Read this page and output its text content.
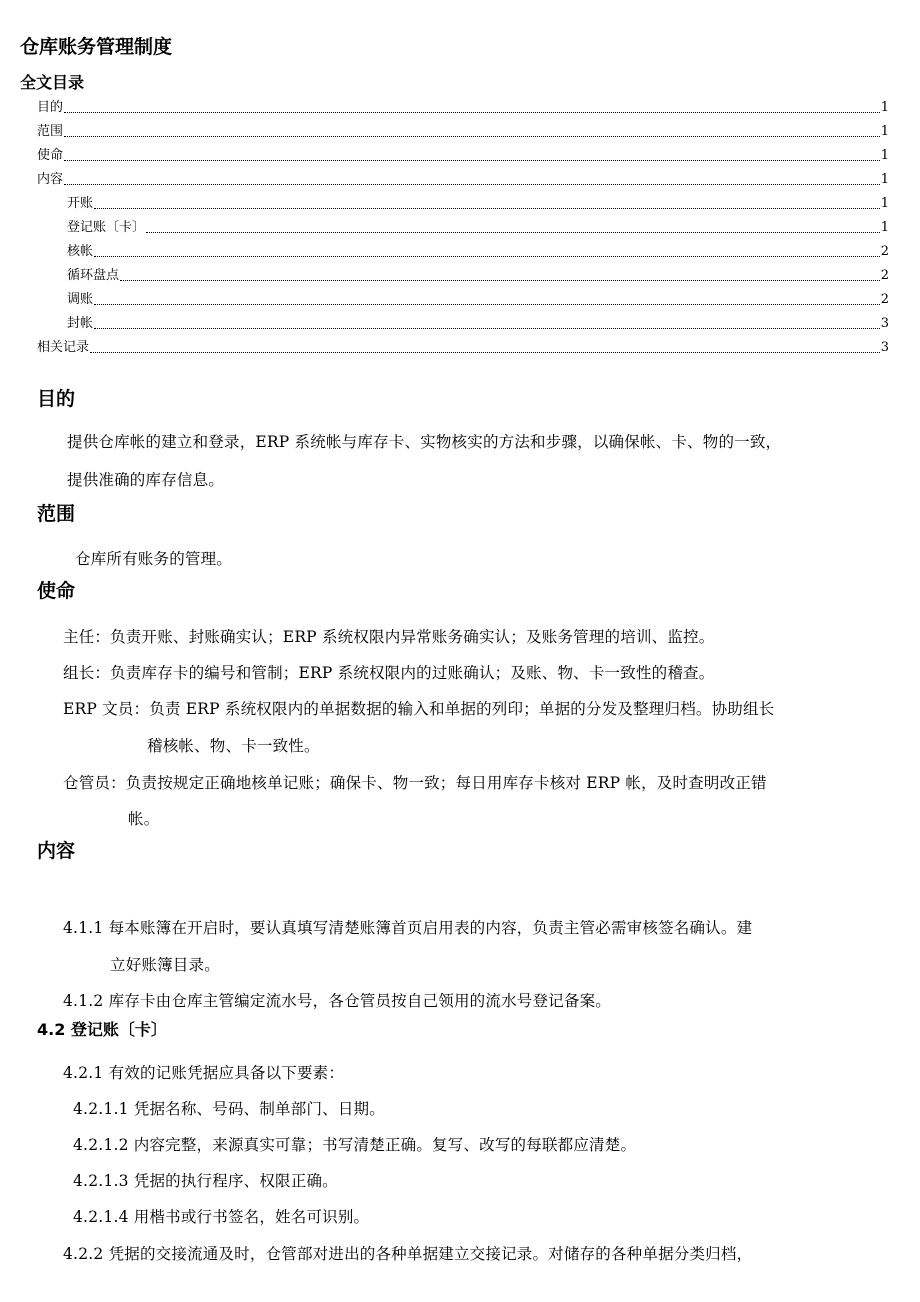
仓库账务管理制度
全文目录
目的	1
范围	1
使命	1
内容	1
开账	1
登记账〔卡〕	1
核帐	2
循环盘点	2
调账	2
封帐	3
相关记录	3
目的

提供仓库帐的建立和登录，ERP 系统帐与库存卡、实物核实的方法和步骤，以确保帐、卡、物的一致，

提供准确的库存信息。

范围

仓库所有账务的管理。

使命

主任：负责开账、封账确实认；ERP 系统权限内异常账务确实认；及账务管理的培训、监控。

组长：负责库存卡的编号和管制；ERP 系统权限内的过账确认；及账、物、卡一致性的稽查。

ERP 文员：负责 ERP 系统权限内的单据数据的输入和单据的列印；单据的分发及整理归档。协助组长

稽核帐、物、卡一致性。

仓管员：负责按规定正确地核单记账；确保卡、物一致；每日用库存卡核对 ERP 帐，及时查明改正错

帐。

内容

4.1.1 每本账簿在开启时，要认真填写清楚账簿首页启用表的内容，负责主管必需审核签名确认。建

立好账簿目录。

4.1.2 库存卡由仓库主管编定流水号，各仓管员按自己领用的流水号登记备案。

4.2 登记账〔卡〕

4.2.1 有效的记账凭据应具备以下要素：

4.2.1.1 凭据名称、号码、制单部门、日期。

4.2.1.2 内容完整，来源真实可靠；书写清楚正确。复写、改写的每联都应清楚。

4.2.1.3 凭据的执行程序、权限正确。

4.2.1.4 用楷书或行书签名，姓名可识别。

4.2.2 凭据的交接流通及时，仓管部对进出的各种单据建立交接记录。对储存的各种单据分类归档，
